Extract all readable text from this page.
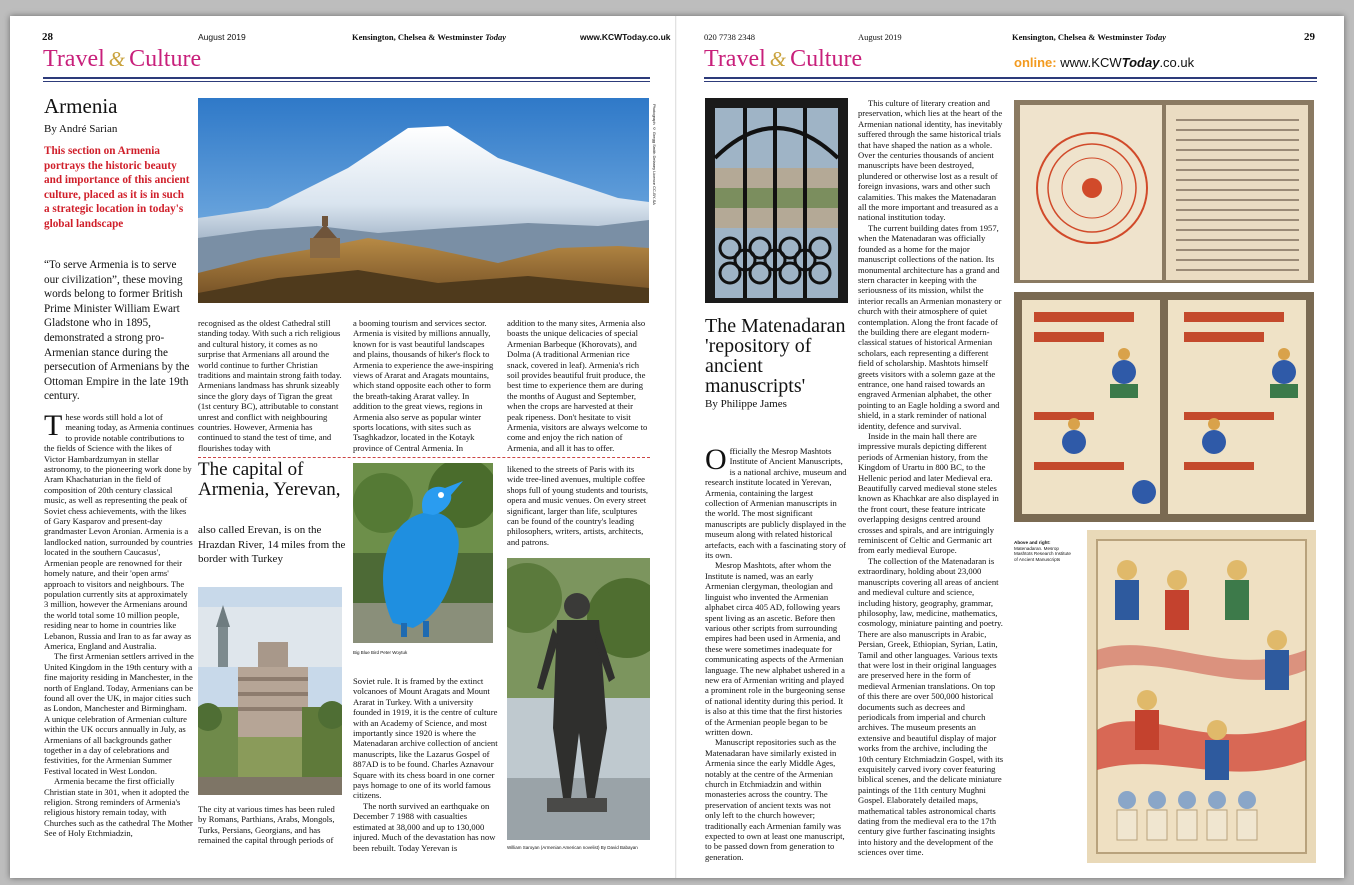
28	August 2019	Kensington, Chelsea & Westminster Today	www.KCWToday.co.uk
Travel & Culture
Armenia
By André Sarian
This section on Armenia portrays the historic beauty and importance of this ancient culture, placed as it is in such a strategic location in today's global landscape
“To serve Armenia is to serve our civilization”, these moving words belong to former British Prime Minister William Ewart Gladstone who in 1895, demonstrated a strong pro-Armenian stance during the persecution of Armenians by the Ottoman Empire in the late 19th century.

These words still hold a lot of meaning today, as Armenia continues to provide notable contributions to the fields of Science with the likes of Victor Hambardzumyan in stellar astronomy, to the pioneering work done by Aram Khachaturian in the field of composition of 20th century classical music, as well as representing the peak of Soviet chess achievements, with the likes of Gary Kasparov and present-day grandmaster Levon Aronian. Armenia is a landlocked nation, surrounded by countries located in the southern Caucasus', Armenian people are renowned for their homely nature, and their 'open arms' approach to visitors and neighbours. The population currently sits at approximately 3 million, however the Armenians around the world total some 10 million people, residing near to home in countries like Lebanon, Russia and Iran to as far away as America, England and Australia.

The first Armenian settlers arrived in the United Kingdom in the 19th century with a fine majority residing in Manchester, in the north of England. Today, Armenians can be found all over the UK, in major cities such as London, Manchester and Birmingham. A unique celebration of Armenian culture within the UK occurs annually in July, as Armenians of all backgrounds gather together in a day of celebrations and festivities, for the Armenian Summer Festival located in West London.

Armenia became the first officially Christian state in 301, when it adopted the religion. Strong reminders of Armenia's religious history remain today, with Churches such as the cathedral The Mother See of Holy Etchmiadzin,

Photograph © Gregg Smith Delaney Licence CC-BY-SA
recognised as the oldest Cathedral still standing today. With such a rich religious and cultural history, it comes as no surprise that Armenians all around the world continue to further Christian traditions and maintain strong faith today. Armenians landmass has shrunk sizeably since the glory days of Tigran the great (1st century BC), attributable to constant unrest and conflict with neighbouring countries. However, Armenia has continued to stand the test of time, and flourishes today with
a booming tourism and services sector. Armenia is visited by millions annually, known for is vast beautiful landscapes and plains, thousands of hiker's flock to Armenia to experience the awe-inspiring views of Ararat and Aragats mountains, which stand opposite each other to form the breath-taking Ararat valley. In addition to the great views, regions in Armenia also serve as popular winter sports locations, with sites such as Tsaghkadzor, located in the Kotayk province of Central Armenia. In
addition to the many sites, Armenia also boasts the unique delicacies of special Armenian Barbeque (Khorovats), and Dolma (A traditional Armenian rice snack, covered in leaf). Armenia's rich soil provides beautiful fruit produce, the best time to experience them are during the months of August and September, when the crops are harvested at their peak ripeness. Don't hesitate to visit Armenia, visitors are always welcome to come and enjoy the rich nation of Armenia, and all it has to offer.
The capital of Armenia, Yerevan,
also called Erevan, is on the Hrazdan River, 14 miles from the border with Turkey
The city at various times has been ruled by Romans, Parthians, Arabs, Mongols, Turks, Persians, Georgians, and has remained the capital through periods of
Big Blue Bird Peter Woytuk

Soviet rule. It is framed by the extinct volcanoes of Mount Aragats and Mount Ararat in Turkey. With a university founded in 1919, it is the centre of culture with an Academy of Science, and most importantly since 1920 is where the Matenadaran archive collection of ancient manuscripts, like the Lazarus Gospel of 887AD is to be found. Charles Aznavour Square with its chess board in one corner pays homage to one of its world famous citizens.

The north survived an earthquake on December 7 1988 with casualties estimated at 38,000 and up to 130,000 injured. Much of the devastation has now been rebuilt. Today Yerevan is

likened to the streets of Paris with its wide tree-lined avenues, multiple coffee shops full of young students and tourists, opera and music venues. On every street significant, larger than life, sculptures can be found of the country's leading philosophers, writers, artists, architects, and patrons.
William Saroyan (Armenian American novelist) By David Babayan
020 7738 2348	August 2019	Kensington, Chelsea & Westminster Today	29
Travel & Culture	online: www.KCWToday.co.uk
The Matenadaran 'repository of ancient manuscripts'
By Philippe James

Officially the Mesrop Mashtots Institute of Ancient Manuscripts, is a national archive, museum and research institute located in Yerevan, Armenia, containing the largest collection of Armenian manuscripts in the world. The most significant manuscripts are publicly displayed in the museum along with related historical artefacts, each with a fascinating story of its own.

Mesrop Mashtots, after whom the Institute is named, was an early Armenian clergyman, theologian and linguist who invented the Armenian alphabet circa 405 AD, following years spent living as an ascetic. Before then various other scripts from surrounding empires had been used in Armenia, and these were sometimes inadequate for communicating aspects of the Armenian language. The new alphabet ushered in a new era of Armenian writing and played a prominent role in the burgeoning sense of national identity during this period. It is also at this time that the first histories of the Armenian people began to be written down.

Manuscript repositories such as the Matenadaran have similarly existed in Armenia since the early Middle Ages, notably at the centre of the Armenian church in Etchmiadzin and within monasteries across the country. The preservation of ancient texts was not only left to the church however; traditionally each Armenian family was expected to own at least one manuscript, to be passed down from generation to generation.

This culture of literary creation and preservation, which lies at the heart of the Armenian national identity, has inevitably suffered through the same historical trials that have shaped the nation as a whole. Over the centuries thousands of ancient manuscripts have been destroyed, plundered or otherwise lost as a result of foreign invasions, wars and other such calamities. This makes the Matenadaran all the more important and treasured as a national institution today.

The current building dates from 1957, when the Matenadaran was officially founded as a home for the major manuscript collections of the nation. Its monumental architecture has a grand and stern character in keeping with the seriousness of its mission, whilst the interior recalls an Armenian monastery or church with their atmosphere of quiet contemplation. Along the front facade of the building there are elegant modern-classical statues of historical Armenian scholars, each representing a different field of scholarship. Mashtots himself greets visitors with a solemn gaze at the entrance, one hand raised towards an engraved Armenian alphabet, the other pointing to an Eagle holding a sword and shield, in a stark reminder of national identity, defence and survival.

Inside in the main hall there are impressive murals depicting different periods of Armenian history, from the Kingdom of Urartu in 800 BC, to the Hellenic period and later Medieval era. Beautifully carved medieval stone steles known as Khachkar are also displayed in the front court, these feature intricate overlapping designs centred around crosses and spirals, and are intriguingly reminiscent of Celtic and Germanic art from early medieval Europe.

The collection of the Matenadaran is extraordinary, holding about 23,000 manuscripts covering all areas of ancient and medieval culture and science, including history, geography, grammar, philosophy, law, medicine, mathematics, cosmology, miniature painting and poetry. There are also manuscripts in Arabic, Persian, Greek, Ethiopian, Syrian, Latin, Tamil and other languages. Various texts that were lost in their original languages are preserved here in the form of medieval Armenian translations. On top of this there are over 500,000 historical documents such as decrees and periodicals from imperial and church archives. The museum presents an extensive and beautiful display of major works from the archive, including the 10th century Etchmiadzin Gospel, with its exquisitely carved ivory cover featuring biblical scenes, and the delicate miniature paintings of the 11th century Mughni Gospel. Elaborately detailed maps, mathematical tables astronomical charts dating from the medieval era to the 17th century give further fascinating insights into history and the development of the sciences over time.

Above and right:
Matenadaran. Mesrop Mashtots Research Institute of Ancient Manuscripts
